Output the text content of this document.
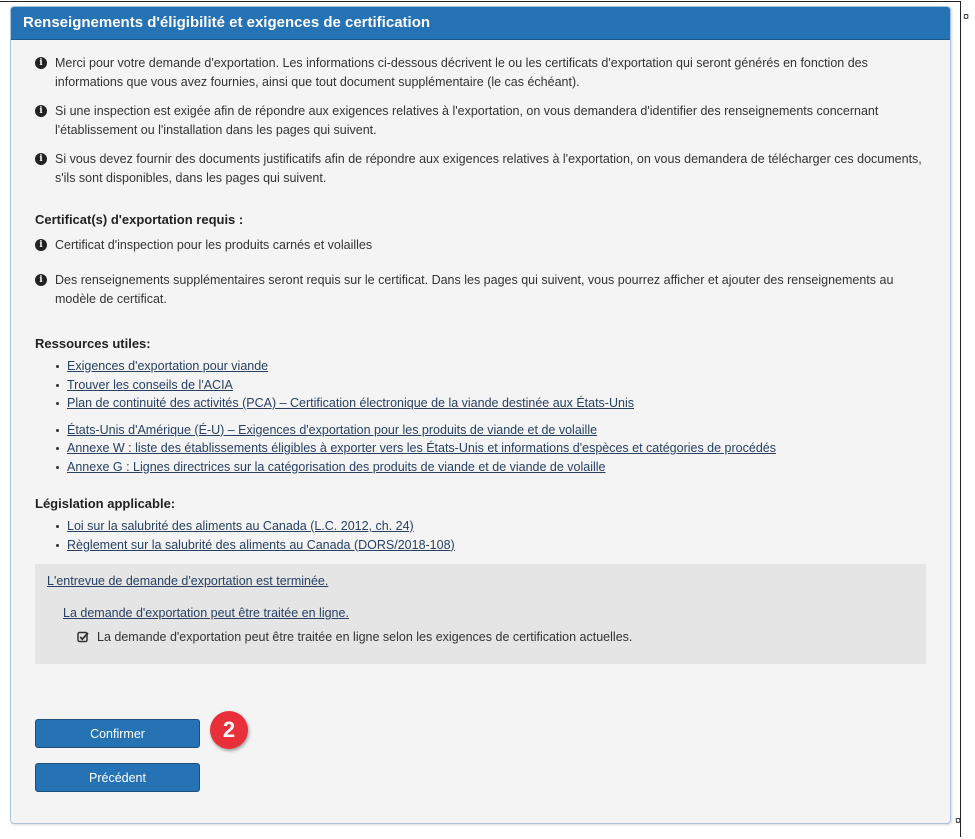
¤
¤
Renseignements d'éligibilité et exigences de certification
i Merci pour votre demande d'exportation. Les informations ci-dessous décrivent le ou les certificats d'exportation qui seront générés en fonction des informations que vous avez fournies, ainsi que tout document supplémentaire (le cas échéant).
i Si une inspection est exigée afin de répondre aux exigences relatives à l'exportation, on vous demandera d'identifier des renseignements concernant l'établissement ou l'installation dans les pages qui suivent.
i Si vous devez fournir des documents justificatifs afin de répondre aux exigences relatives à l'exportation, on vous demandera de télécharger ces documents, s'ils sont disponibles, dans les pages qui suivent.
Certificat(s) d'exportation requis :
i Certificat d'inspection pour les produits carnés et volailles
i Des renseignements supplémentaires seront requis sur le certificat. Dans les pages qui suivent, vous pourrez afficher et ajouter des renseignements au modèle de certificat.
Ressources utiles:
Exigences d'exportation pour viande
Trouver les conseils de l'ACIA
Plan de continuité des activités (PCA) – Certification électronique de la viande destinée aux États-Unis
États-Unis d'Amérique (É-U) – Exigences d'exportation pour les produits de viande et de volaille
Annexe W : liste des établissements éligibles à exporter vers les États-Unis et informations d'espèces et catégories de procédés
Annexe G : Lignes directrices sur la catégorisation des produits de viande et de viande de volaille
Législation applicable:
Loi sur la salubrité des aliments au Canada (L.C. 2012, ch. 24)
Règlement sur la salubrité des aliments au Canada (DORS/2018-108)
L'entrevue de demande d'exportation est terminée.
La demande d'exportation peut être traitée en ligne.
La demande d'exportation peut être traitée en ligne selon les exigences de certification actuelles.
Confirmer	2
Précédent
